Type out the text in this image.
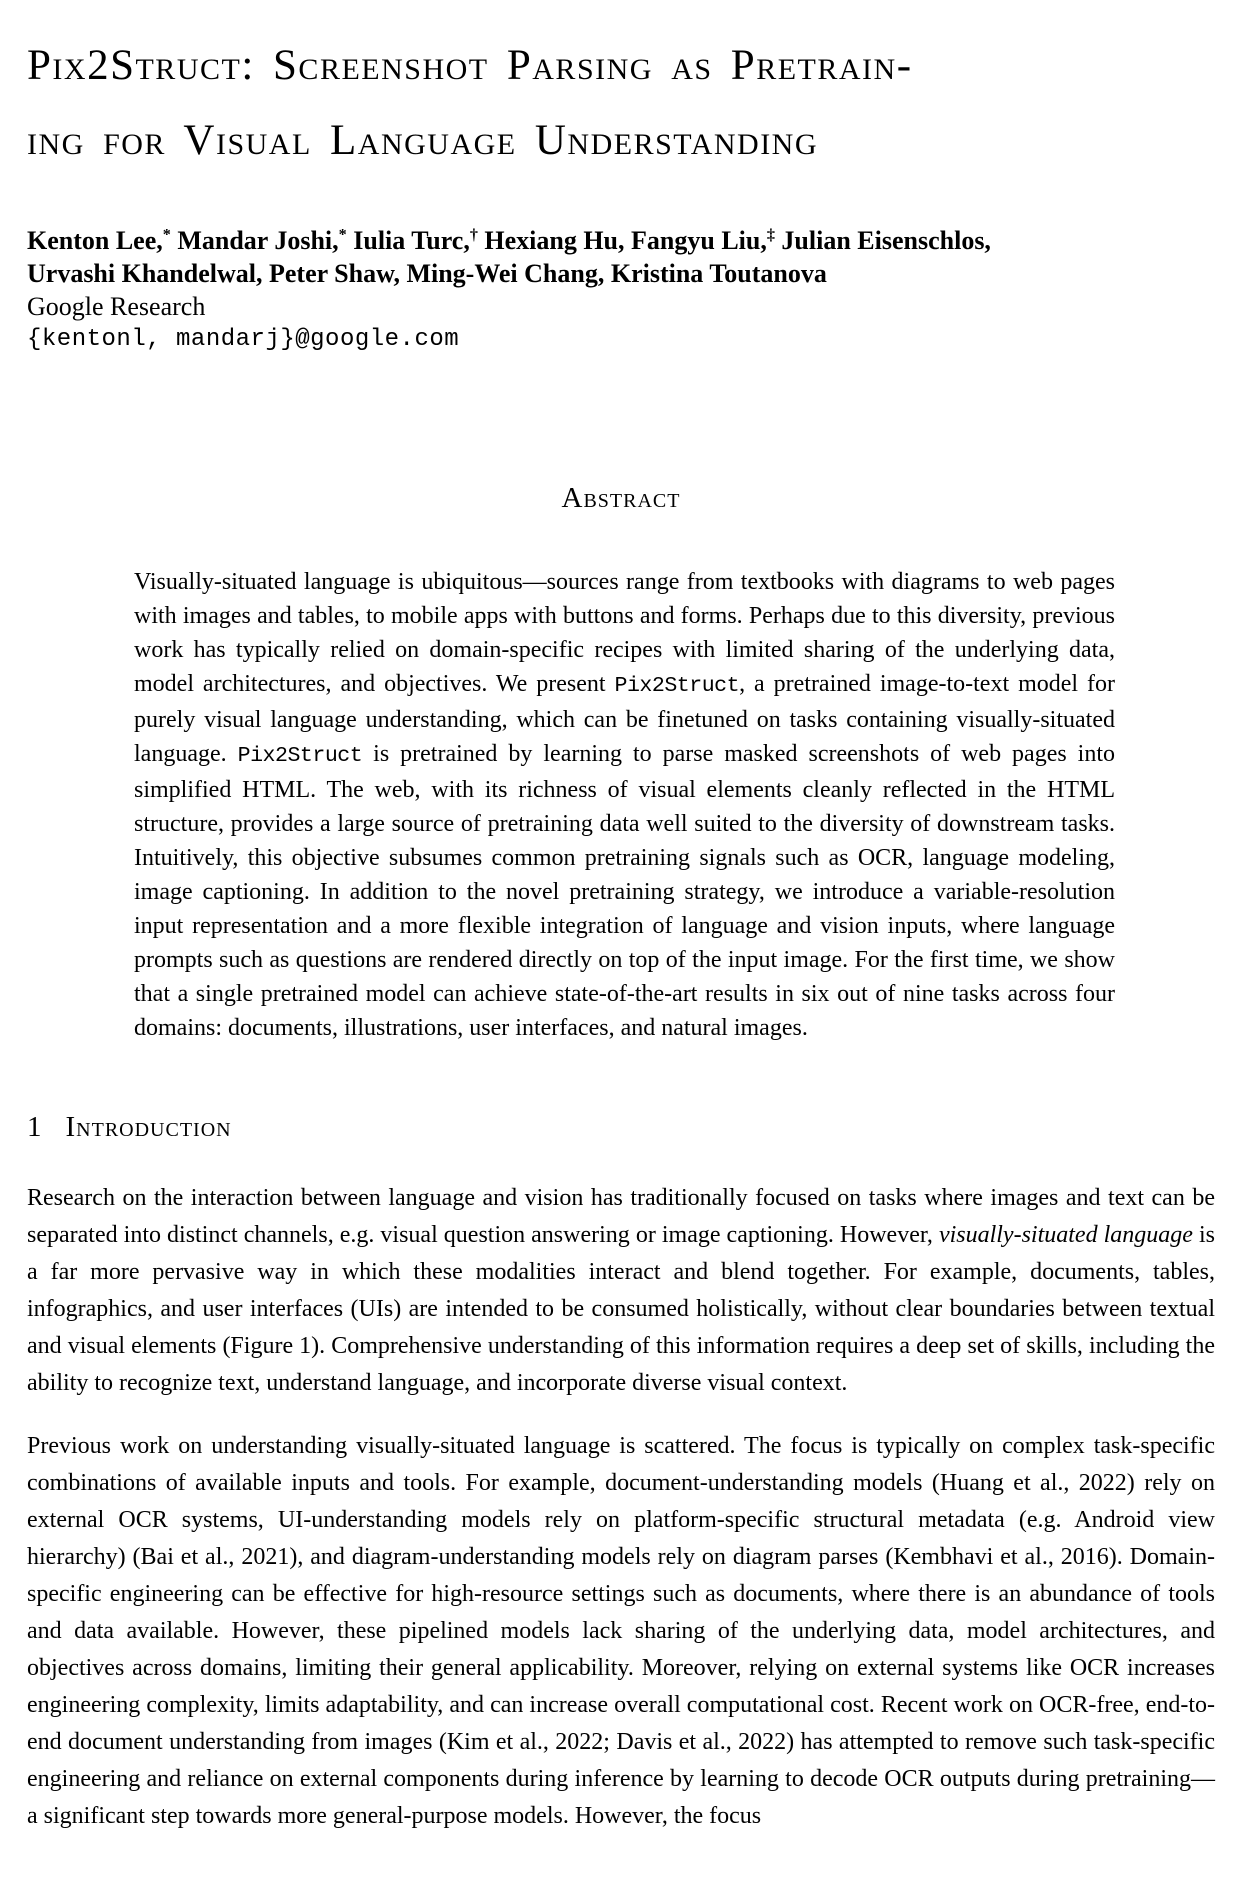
Pix2Struct: Screenshot Parsing as Pretrain-
ing for Visual Language Understanding
Kenton Lee,* Mandar Joshi,* Iulia Turc,† Hexiang Hu, Fangyu Liu,‡ Julian Eisenschlos,
Urvashi Khandelwal, Peter Shaw, Ming-Wei Chang, Kristina Toutanova
Google Research
{kentonl, mandarj}@google.com
Abstract

Visually-situated language is ubiquitous—sources range from textbooks with diagrams to web pages with images and tables, to mobile apps with buttons and forms. Perhaps due to this diversity, previous work has typically relied on domain-specific recipes with limited sharing of the underlying data, model architectures, and objectives. We present Pix2Struct, a pretrained image-to-text model for purely visual language understanding, which can be finetuned on tasks containing visually-situated language. Pix2Struct is pretrained by learning to parse masked screenshots of web pages into simplified HTML. The web, with its richness of visual elements cleanly reflected in the HTML structure, provides a large source of pretraining data well suited to the diversity of downstream tasks. Intuitively, this objective subsumes common pretraining signals such as OCR, language modeling, image captioning. In addition to the novel pretraining strategy, we introduce a variable-resolution input representation and a more flexible integration of language and vision inputs, where language prompts such as questions are rendered directly on top of the input image. For the first time, we show that a single pretrained model can achieve state-of-the-art results in six out of nine tasks across four domains: documents, illustrations, user interfaces, and natural images.

1 Introduction

Research on the interaction between language and vision has traditionally focused on tasks where images and text can be separated into distinct channels, e.g. visual question answering or image captioning. However, visually-situated language is a far more pervasive way in which these modalities interact and blend together. For example, documents, tables, infographics, and user interfaces (UIs) are intended to be consumed holistically, without clear boundaries between textual and visual elements (Figure 1). Comprehensive understanding of this information requires a deep set of skills, including the ability to recognize text, understand language, and incorporate diverse visual context.

Previous work on understanding visually-situated language is scattered. The focus is typically on complex task-specific combinations of available inputs and tools. For example, document-understanding models (Huang et al., 2022) rely on external OCR systems, UI-understanding models rely on platform-specific structural metadata (e.g. Android view hierarchy) (Bai et al., 2021), and diagram-understanding models rely on diagram parses (Kembhavi et al., 2016). Domain-specific engineering can be effective for high-resource settings such as documents, where there is an abundance of tools and data available. However, these pipelined models lack sharing of the underlying data, model architectures, and objectives across domains, limiting their general applicability. Moreover, relying on external systems like OCR increases engineering complexity, limits adaptability, and can increase overall computational cost. Recent work on OCR-free, end-to-end document understanding from images (Kim et al., 2022; Davis et al., 2022) has attempted to remove such task-specific engineering and reliance on external components during inference by learning to decode OCR outputs during pretraining—a significant step towards more general-purpose models. However, the focus
